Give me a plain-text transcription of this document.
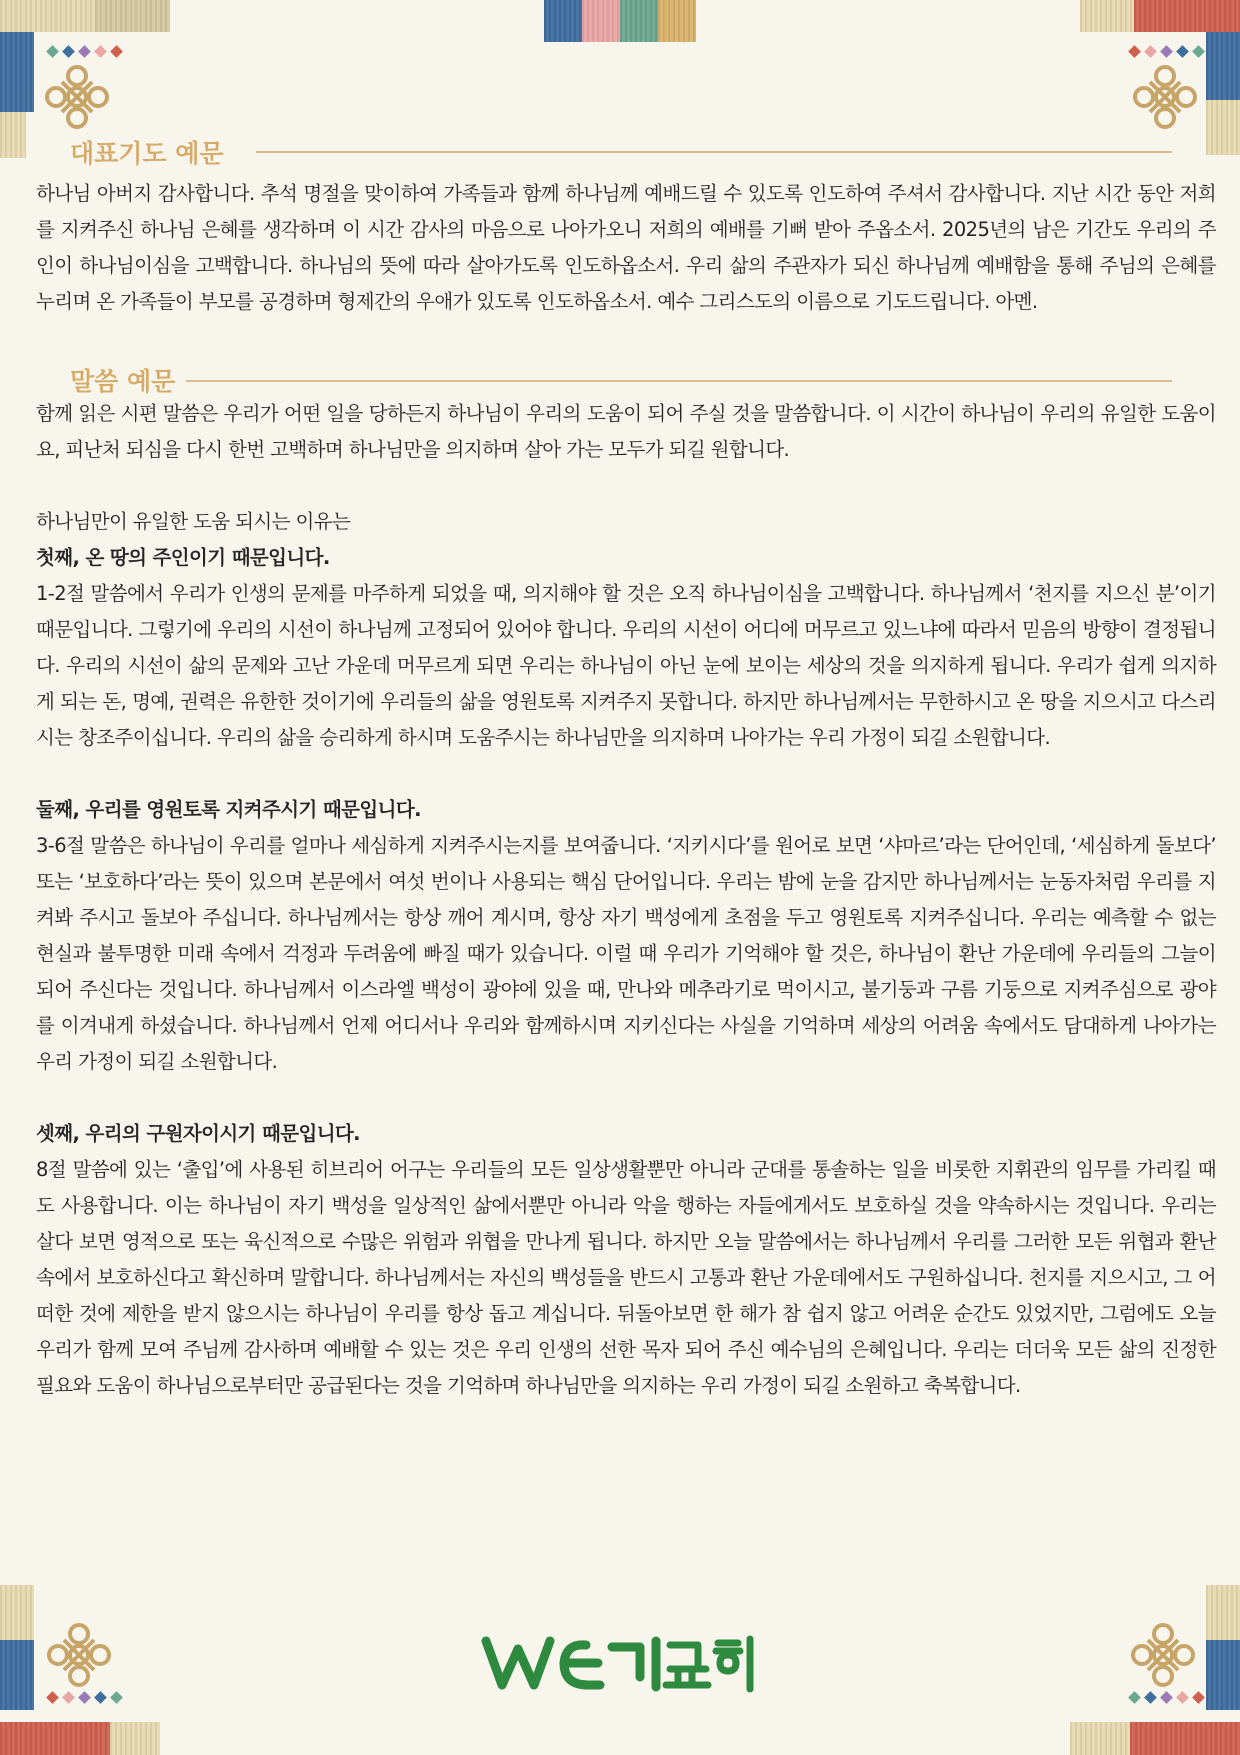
대표기도 예문

하나님 아버지 감사합니다. 추석 명절을 맞이하여 가족들과 함께 하나님께 예배드릴 수 있도록 인도하여 주셔서 감사합니다. 지난 시간 동안 저희를 지켜주신 하나님 은혜를 생각하며 이 시간 감사의 마음으로 나아가오니 저희의 예배를 기뻐 받아 주옵소서. 2025년의 남은 기간도 우리의 주인이 하나님이심을 고백합니다. 하나님의 뜻에 따라 살아가도록 인도하옵소서. 우리 삶의 주관자가 되신 하나님께 예배함을 통해 주님의 은혜를 누리며 온 가족들이 부모를 공경하며 형제간의 우애가 있도록 인도하옵소서. 예수 그리스도의 이름으로 기도드립니다. 아멘.

말씀 예문

함께 읽은 시편 말씀은 우리가 어떤 일을 당하든지 하나님이 우리의 도움이 되어 주실 것을 말씀합니다. 이 시간이 하나님이 우리의 유일한 도움이요, 피난처 되심을 다시 한번 고백하며 하나님만을 의지하며 살아 가는 모두가 되길 원합니다.

하나님만이 유일한 도움 되시는 이유는

첫째, 온 땅의 주인이기 때문입니다.

1-2절 말씀에서 우리가 인생의 문제를 마주하게 되었을 때, 의지해야 할 것은 오직 하나님이심을 고백합니다. 하나님께서 ‘천지를 지으신 분’이기 때문입니다. 그렇기에 우리의 시선이 하나님께 고정되어 있어야 합니다. 우리의 시선이 어디에 머무르고 있느냐에 따라서 믿음의 방향이 결정됩니다. 우리의 시선이 삶의 문제와 고난 가운데 머무르게 되면 우리는 하나님이 아닌 눈에 보이는 세상의 것을 의지하게 됩니다. 우리가 쉽게 의지하게 되는 돈, 명예, 권력은 유한한 것이기에 우리들의 삶을 영원토록 지켜주지 못합니다. 하지만 하나님께서는 무한하시고 온 땅을 지으시고 다스리시는 창조주이십니다. 우리의 삶을 승리하게 하시며 도움주시는 하나님만을 의지하며 나아가는 우리 가정이 되길 소원합니다.

둘째, 우리를 영원토록 지켜주시기 때문입니다.

3-6절 말씀은 하나님이 우리를 얼마나 세심하게 지켜주시는지를 보여줍니다. ‘지키시다’를 원어로 보면 ‘샤마르’라는 단어인데, ‘세심하게 돌보다’ 또는 ‘보호하다’라는 뜻이 있으며 본문에서 여섯 번이나 사용되는 핵심 단어입니다. 우리는 밤에 눈을 감지만 하나님께서는 눈동자처럼 우리를 지켜봐 주시고 돌보아 주십니다. 하나님께서는 항상 깨어 계시며, 항상 자기 백성에게 초점을 두고 영원토록 지켜주십니다. 우리는 예측할 수 없는 현실과 불투명한 미래 속에서 걱정과 두려움에 빠질 때가 있습니다. 이럴 때 우리가 기억해야 할 것은, 하나님이 환난 가운데에 우리들의 그늘이 되어 주신다는 것입니다. 하나님께서 이스라엘 백성이 광야에 있을 때, 만나와 메추라기로 먹이시고, 불기둥과 구름 기둥으로 지켜주심으로 광야를 이겨내게 하셨습니다. 하나님께서 언제 어디서나 우리와 함께하시며 지키신다는 사실을 기억하며 세상의 어려움 속에서도 담대하게 나아가는 우리 가정이 되길 소원합니다.

셋째, 우리의 구원자이시기 때문입니다.

8절 말씀에 있는 ‘출입’에 사용된 히브리어 어구는 우리들의 모든 일상생활뿐만 아니라 군대를 통솔하는 일을 비롯한 지휘관의 임무를 가리킬 때도 사용합니다. 이는 하나님이 자기 백성을 일상적인 삶에서뿐만 아니라 악을 행하는 자들에게서도 보호하실 것을 약속하시는 것입니다. 우리는 살다 보면 영적으로 또는 육신적으로 수많은 위험과 위협을 만나게 됩니다. 하지만 오늘 말씀에서는 하나님께서 우리를 그러한 모든 위협과 환난 속에서 보호하신다고 확신하며 말합니다. 하나님께서는 자신의 백성들을 반드시 고통과 환난 가운데에서도 구원하십니다. 천지를 지으시고, 그 어떠한 것에 제한을 받지 않으시는 하나님이 우리를 항상 돕고 계십니다. 뒤돌아보면 한 해가 참 쉽지 않고 어려운 순간도 있었지만, 그럼에도 오늘 우리가 함께 모여 주님께 감사하며 예배할 수 있는 것은 우리 인생의 선한 목자 되어 주신 예수님의 은혜입니다. 우리는 더더욱 모든 삶의 진정한 필요와 도움이 하나님으로부터만 공급된다는 것을 기억하며 하나님만을 의지하는 우리 가정이 되길 소원하고 축복합니다.
